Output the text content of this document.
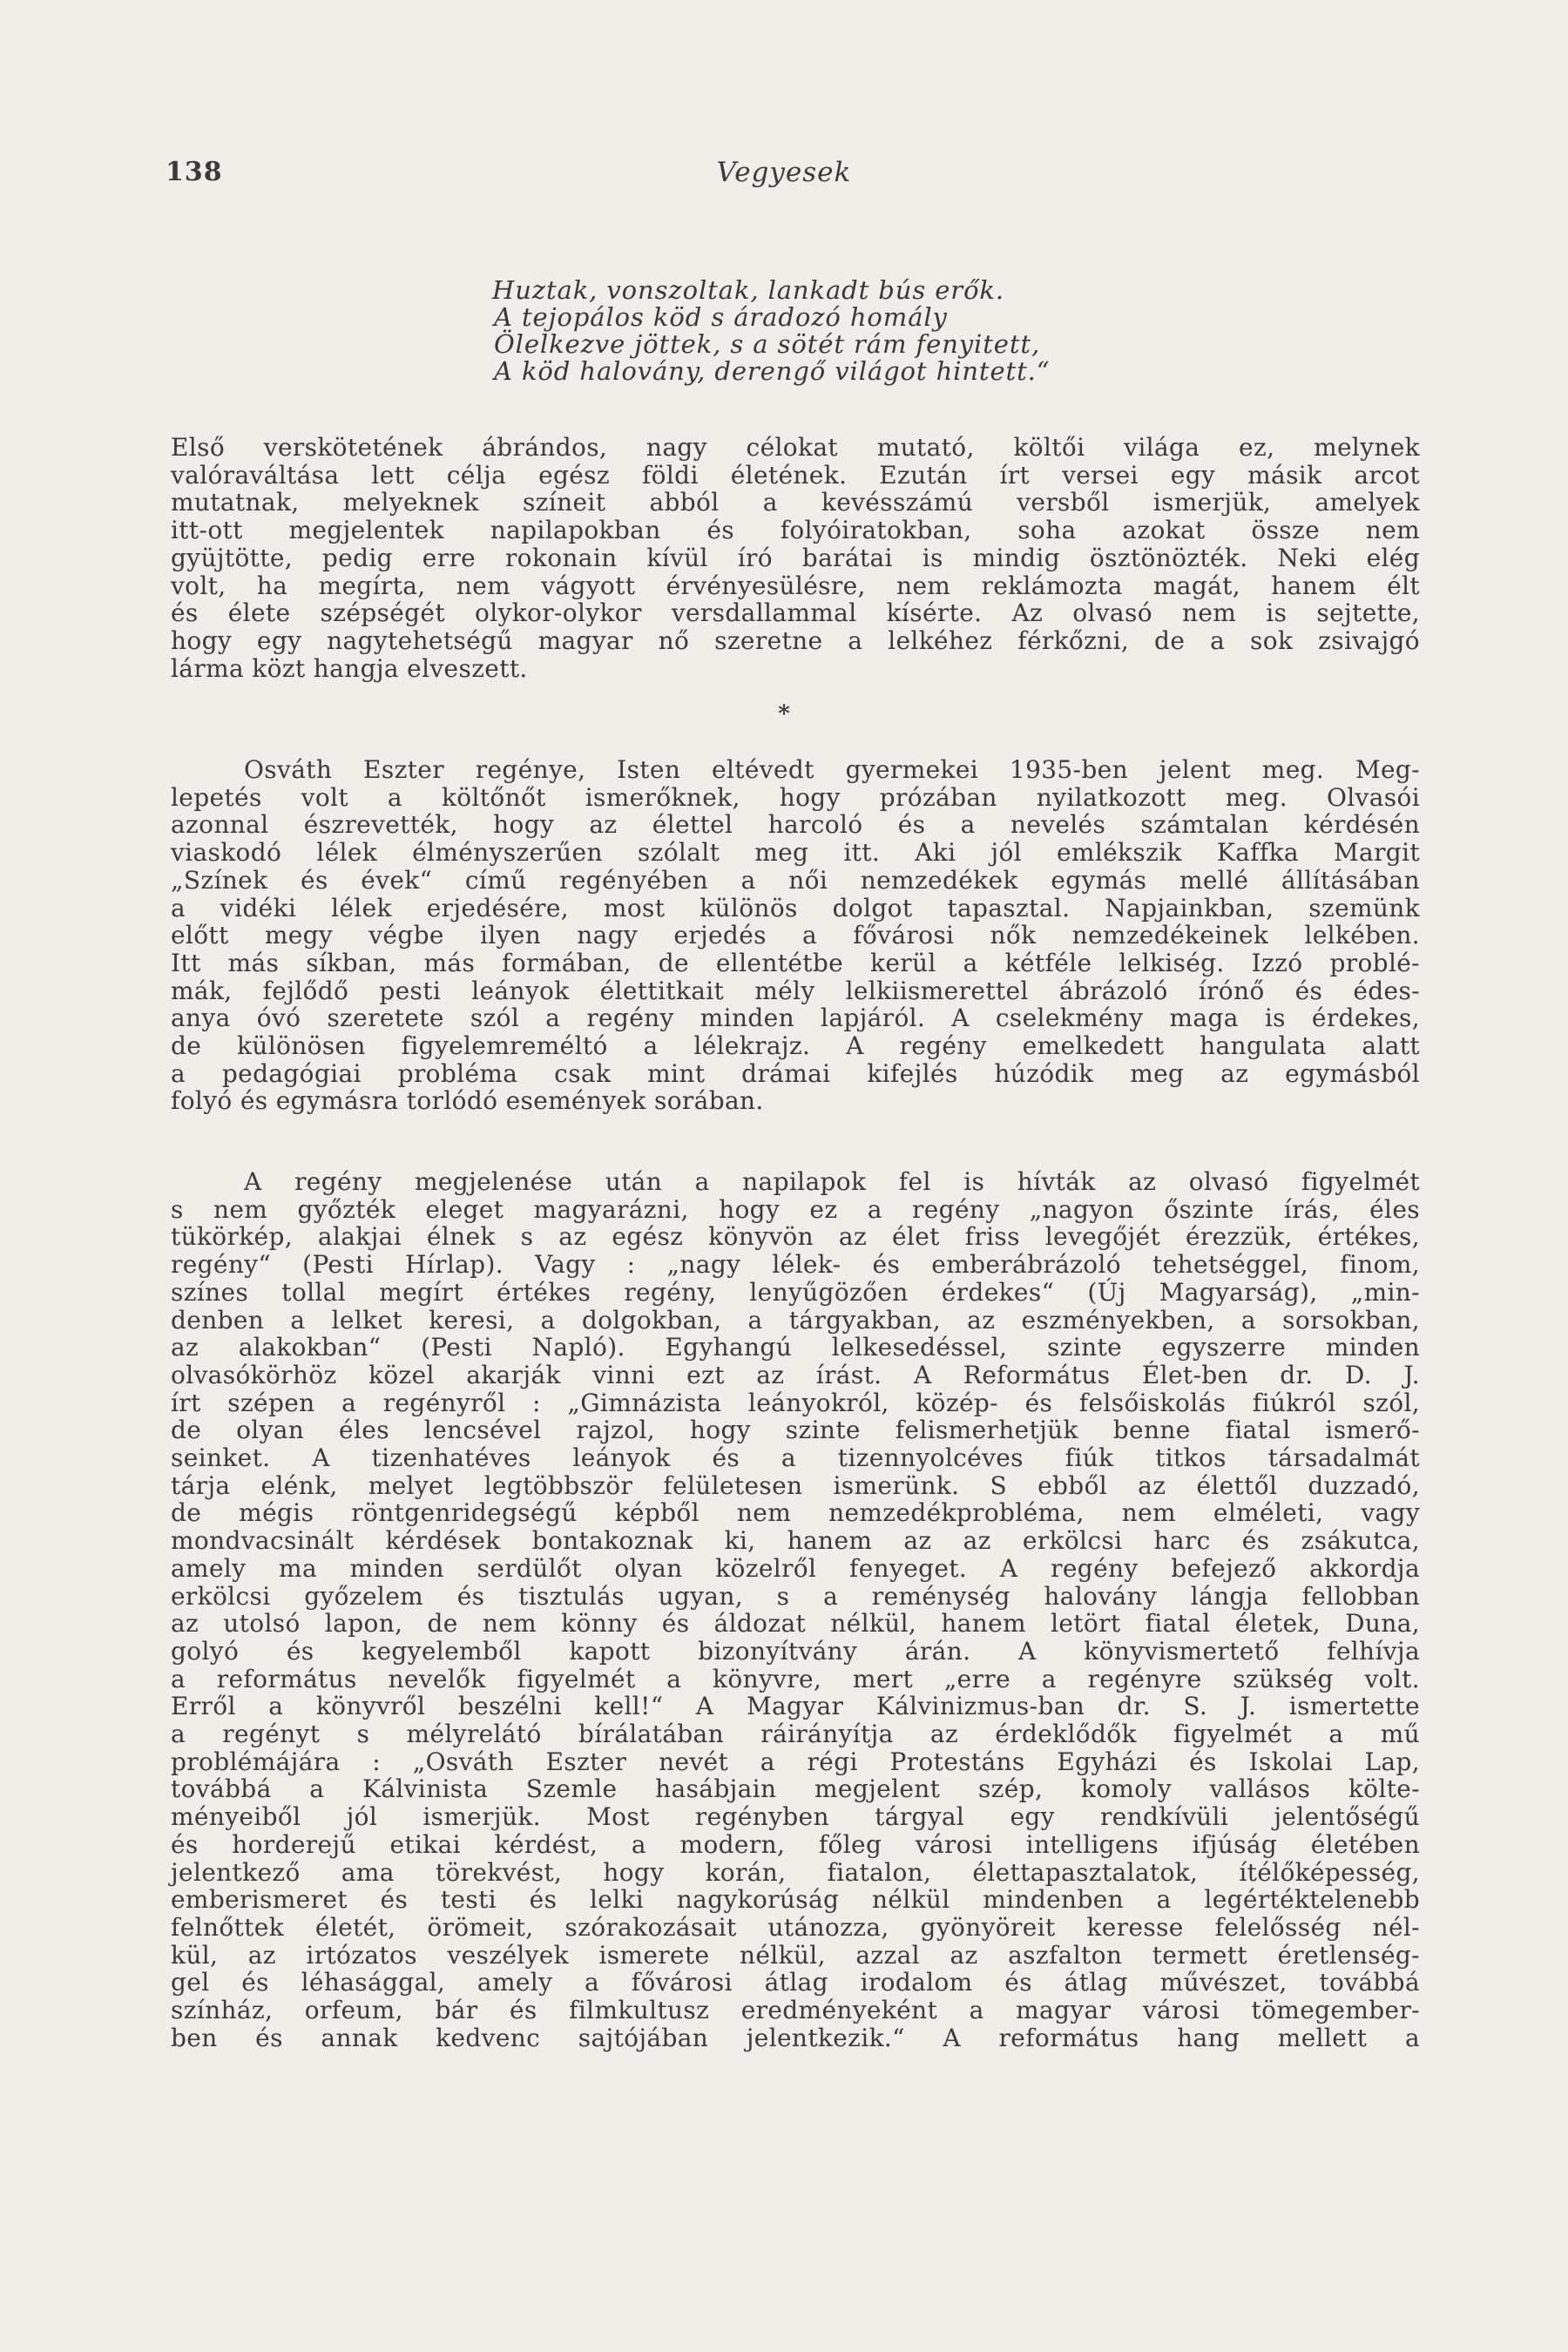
138	Vegyesek
Huztak, vonszoltak, lankadt bús erők.
A tejopálos köd s áradozó homály
Ölelkezve jöttek, s a sötét rám fenyitett,
A köd halovány, derengő világot hintett.“
Első verskötetének ábrándos, nagy célokat mutató, költői világa ez, melynek
valóraváltása lett célja egész földi életének. Ezután írt versei egy másik arcot
mutatnak, melyeknek színeit abból a kevésszámú versből ismerjük, amelyek
itt-ott megjelentek napilapokban és folyóiratokban, soha azokat össze nem
gyüjtötte, pedig erre rokonain kívül író barátai is mindig ösztönözték. Neki elég
volt, ha megírta, nem vágyott érvényesülésre, nem reklámozta magát, hanem élt
és élete szépségét olykor-olykor versdallammal kísérte. Az olvasó nem is sejtette,
hogy egy nagytehetségű magyar nő szeretne a lelkéhez férkőzni, de a sok zsivajgó
lárma közt hangja elveszett.
*
Osváth Eszter regénye, Isten eltévedt gyermekei 1935-ben jelent meg. Meg-
lepetés volt a költőnőt ismerőknek, hogy prózában nyilatkozott meg. Olvasói
azonnal észrevették, hogy az élettel harcoló és a nevelés számtalan kérdésén
viaskodó lélek élményszerűen szólalt meg itt. Aki jól emlékszik Kaffka Margit
„Színek és évek“ című regényében a női nemzedékek egymás mellé állításában
a vidéki lélek erjedésére, most különös dolgot tapasztal. Napjainkban, szemünk
előtt megy végbe ilyen nagy erjedés a fővárosi nők nemzedékeinek lelkében.
Itt más síkban, más formában, de ellentétbe kerül a kétféle lelkiség. Izzó problé-
mák, fejlődő pesti leányok élettitkait mély lelkiismerettel ábrázoló írónő és édes-
anya óvó szeretete szól a regény minden lapjáról. A cselekmény maga is érdekes,
de különösen figyelemreméltó a lélekrajz. A regény emelkedett hangulata alatt
a pedagógiai probléma csak mint drámai kifejlés húzódik meg az egymásból
folyó és egymásra torlódó események sorában.
A regény megjelenése után a napilapok fel is hívták az olvasó figyelmét
s nem győzték eleget magyarázni, hogy ez a regény „nagyon őszinte írás, éles
tükörkép, alakjai élnek s az egész könyvön az élet friss levegőjét érezzük, értékes,
regény“ (Pesti Hírlap). Vagy : „nagy lélek- és emberábrázoló tehetséggel, finom,
színes tollal megírt értékes regény, lenyűgözően érdekes“ (Új Magyarság), „min-
denben a lelket keresi, a dolgokban, a tárgyakban, az eszményekben, a sorsokban,
az alakokban“ (Pesti Napló). Egyhangú lelkesedéssel, szinte egyszerre minden
olvasókörhöz közel akarják vinni ezt az írást. A Református Élet-ben dr. D. J.
írt szépen a regényről : „Gimnázista leányokról, közép- és felsőiskolás fiúkról szól,
de olyan éles lencsével rajzol, hogy szinte felismerhetjük benne fiatal ismerő-
seinket. A tizenhatéves leányok és a tizennyolcéves fiúk titkos társadalmát
tárja elénk, melyet legtöbbször felületesen ismerünk. S ebből az élettől duzzadó,
de mégis röntgenridegségű képből nem nemzedékprobléma, nem elméleti, vagy
mondvacsinált kérdések bontakoznak ki, hanem az az erkölcsi harc és zsákutca,
amely ma minden serdülőt olyan közelről fenyeget. A regény befejező akkordja
erkölcsi győzelem és tisztulás ugyan, s a reménység halovány lángja fellobban
az utolsó lapon, de nem könny és áldozat nélkül, hanem letört fiatal életek, Duna,
golyó és kegyelemből kapott bizonyítvány árán. A könyvismertető felhívja
a református nevelők figyelmét a könyvre, mert „erre a regényre szükség volt.
Erről a könyvről beszélni kell!“ A Magyar Kálvinizmus-ban dr. S. J. ismertette
a regényt s mélyrelátó bírálatában ráirányítja az érdeklődők figyelmét a mű
problémájára : „Osváth Eszter nevét a régi Protestáns Egyházi és Iskolai Lap,
továbbá a Kálvinista Szemle hasábjain megjelent szép, komoly vallásos költe-
ményeiből jól ismerjük. Most regényben tárgyal egy rendkívüli jelentőségű
és horderejű etikai kérdést, a modern, főleg városi intelligens ifjúság életében
jelentkező ama törekvést, hogy korán, fiatalon, élettapasztalatok, ítélőképesség,
emberismeret és testi és lelki nagykorúság nélkül mindenben a legértéktelenebb
felnőttek életét, örömeit, szórakozásait utánozza, gyönyöreit keresse felelősség nél-
kül, az irtózatos veszélyek ismerete nélkül, azzal az aszfalton termett éretlenség-
gel és léhasággal, amely a fővárosi átlag irodalom és átlag művészet, továbbá
színház, orfeum, bár és filmkultusz eredményeként a magyar városi tömegember-
ben és annak kedvenc sajtójában jelentkezik.“ A református hang mellett a
